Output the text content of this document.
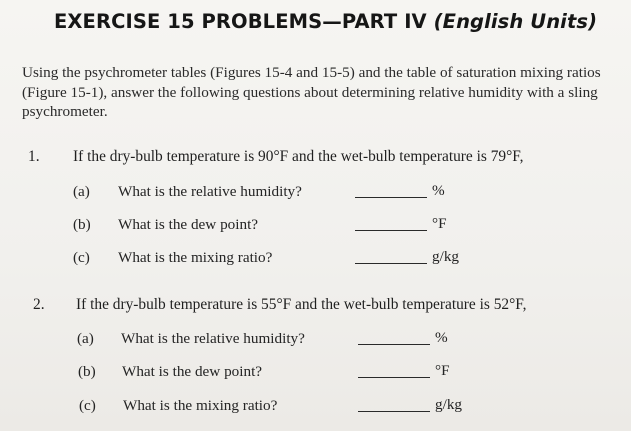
EXERCISE 15 PROBLEMS—PART IV (English Units)
Using the psychrometer tables (Figures 15-4 and 15-5) and the table of saturation mixing ratios (Figure 15-1), answer the following questions about determining relative humidity with a sling psychrometer.
1. If the dry-bulb temperature is 90°F and the wet-bulb temperature is 79°F,
(a) What is the relative humidity?	%
(b) What is the dew point?	°F
(c) What is the mixing ratio?	g/kg
2. If the dry-bulb temperature is 55°F and the wet-bulb temperature is 52°F,
(a) What is the relative humidity?	%
(b) What is the dew point?	°F
(c) What is the mixing ratio?	g/kg
